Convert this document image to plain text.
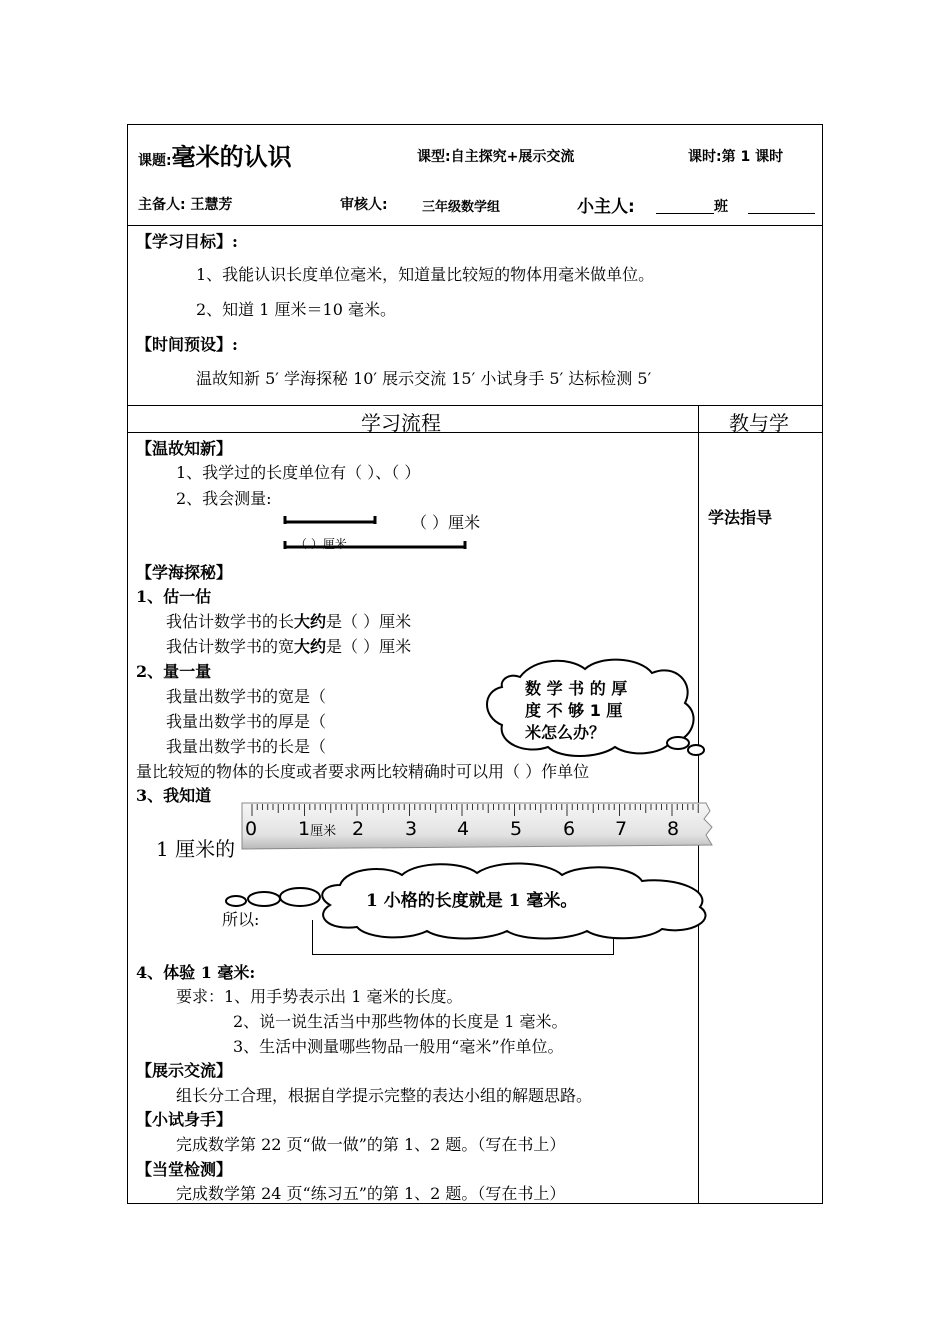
课题:毫米的认识	课型:自主探究+展示交流	课时:第 1 课时
主备人: 王慧芳	审核人:	三年级数学组	小主人:	班
【学习目标】:
1、我能认识长度单位毫米，知道量比较短的物体用毫米做单位。
2、知道 1 厘米＝10 毫米。
【时间预设】:
温故知新 5′ 学海探秘 10′ 展示交流 15′ 小试身手 5′ 达标检测 5′
学习流程	教与学
学法指导
【温故知新】
1、我学过的长度单位有（ ）、（ ）
2、我会测量:
（ ）厘米
（ ）厘米
【学海探秘】
1、估一估
我估计数学书的长大约是（ ）厘米
我估计数学书的宽大约是（ ）厘米
2、量一量
我量出数学书的宽是（
我量出数学书的厚是（
我量出数学书的长是（
量比较短的物体的长度或者要求两比较精确时可以用（ ）作单位
数 学 书 的 厚
度 不 够 1 厘
米怎么办？
3、我知道
1 厘米的
0 1厘米 2 3 4 5 6 7 8
1 小格的长度就是 1 毫米。
所以:
4、体验 1 毫米:
要求：1、用手势表示出 1 毫米的长度。
2、说一说生活当中那些物体的长度是 1 毫米。
3、生活中测量哪些物品一般用“毫米”作单位。
【展示交流】
组长分工合理，根据自学提示完整的表达小组的解题思路。
【小试身手】
完成数学第 22 页“做一做”的第 1、2 题。（写在书上）
【当堂检测】
完成数学第 24 页“练习五”的第 1、2 题。（写在书上）
